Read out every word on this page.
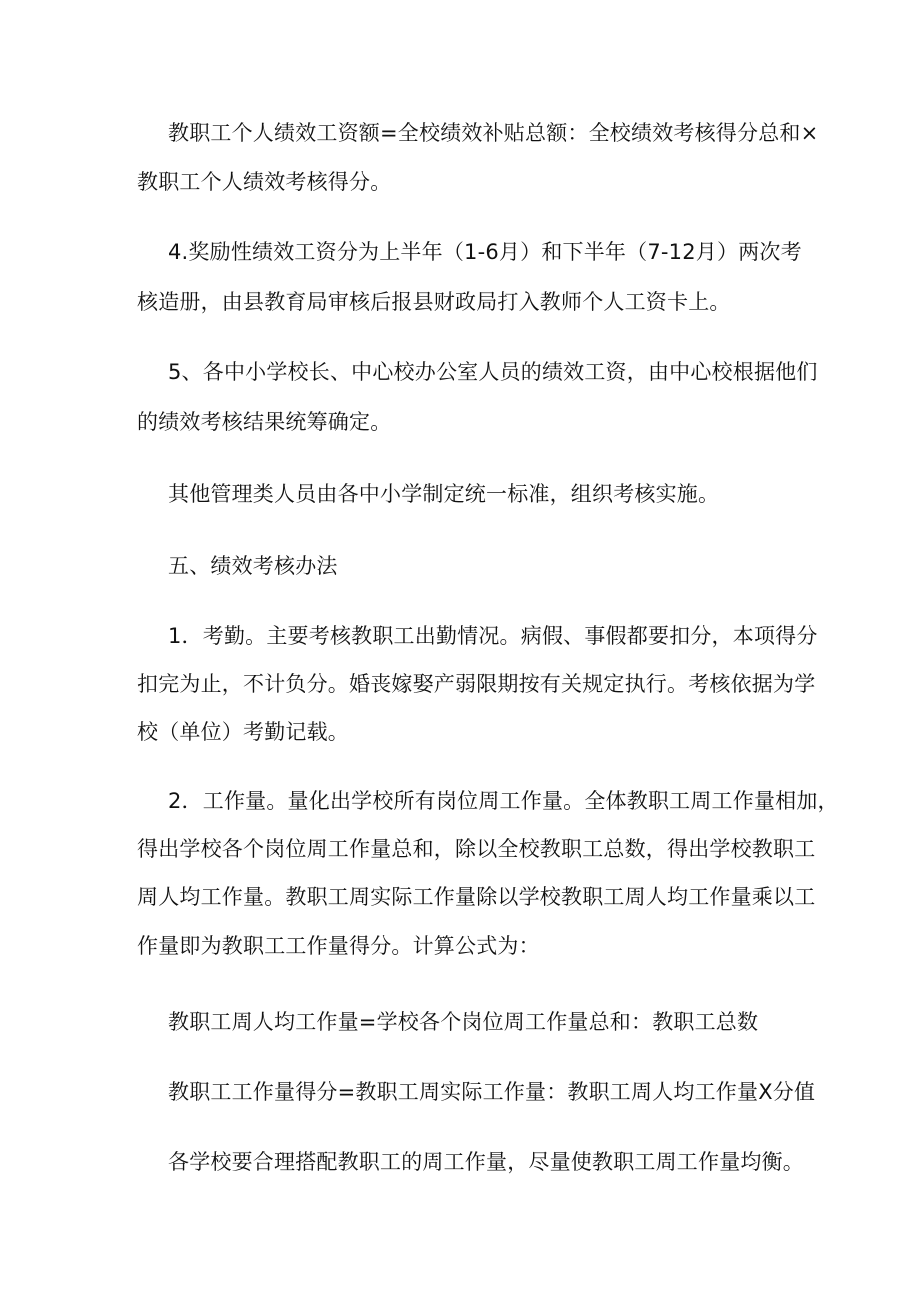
教职工个人绩效工资额=全校绩效补贴总额：全校绩效考核得分总和×
教职工个人绩效考核得分。
4.奖励性绩效工资分为上半年（1-6月）和下半年（7-12月）两次考
核造册，由县教育局审核后报县财政局打入教师个人工资卡上。
5、各中小学校长、中心校办公室人员的绩效工资，由中心校根据他们
的绩效考核结果统筹确定。
其他管理类人员由各中小学制定统一标准，组织考核实施。
五、绩效考核办法
1．考勤。主要考核教职工出勤情况。病假、事假都要扣分，本项得分
扣完为止，不计负分。婚丧嫁娶产弱限期按有关规定执行。考核依据为学
校（单位）考勤记载。
2．工作量。量化出学校所有岗位周工作量。全体教职工周工作量相加，
得出学校各个岗位周工作量总和，除以全校教职工总数，得出学校教职工
周人均工作量。教职工周实际工作量除以学校教职工周人均工作量乘以工
作量即为教职工工作量得分。计算公式为：
教职工周人均工作量=学校各个岗位周工作量总和：教职工总数
教职工工作量得分=教职工周实际工作量：教职工周人均工作量X分值
各学校要合理搭配教职工的周工作量，尽量使教职工周工作量均衡。
